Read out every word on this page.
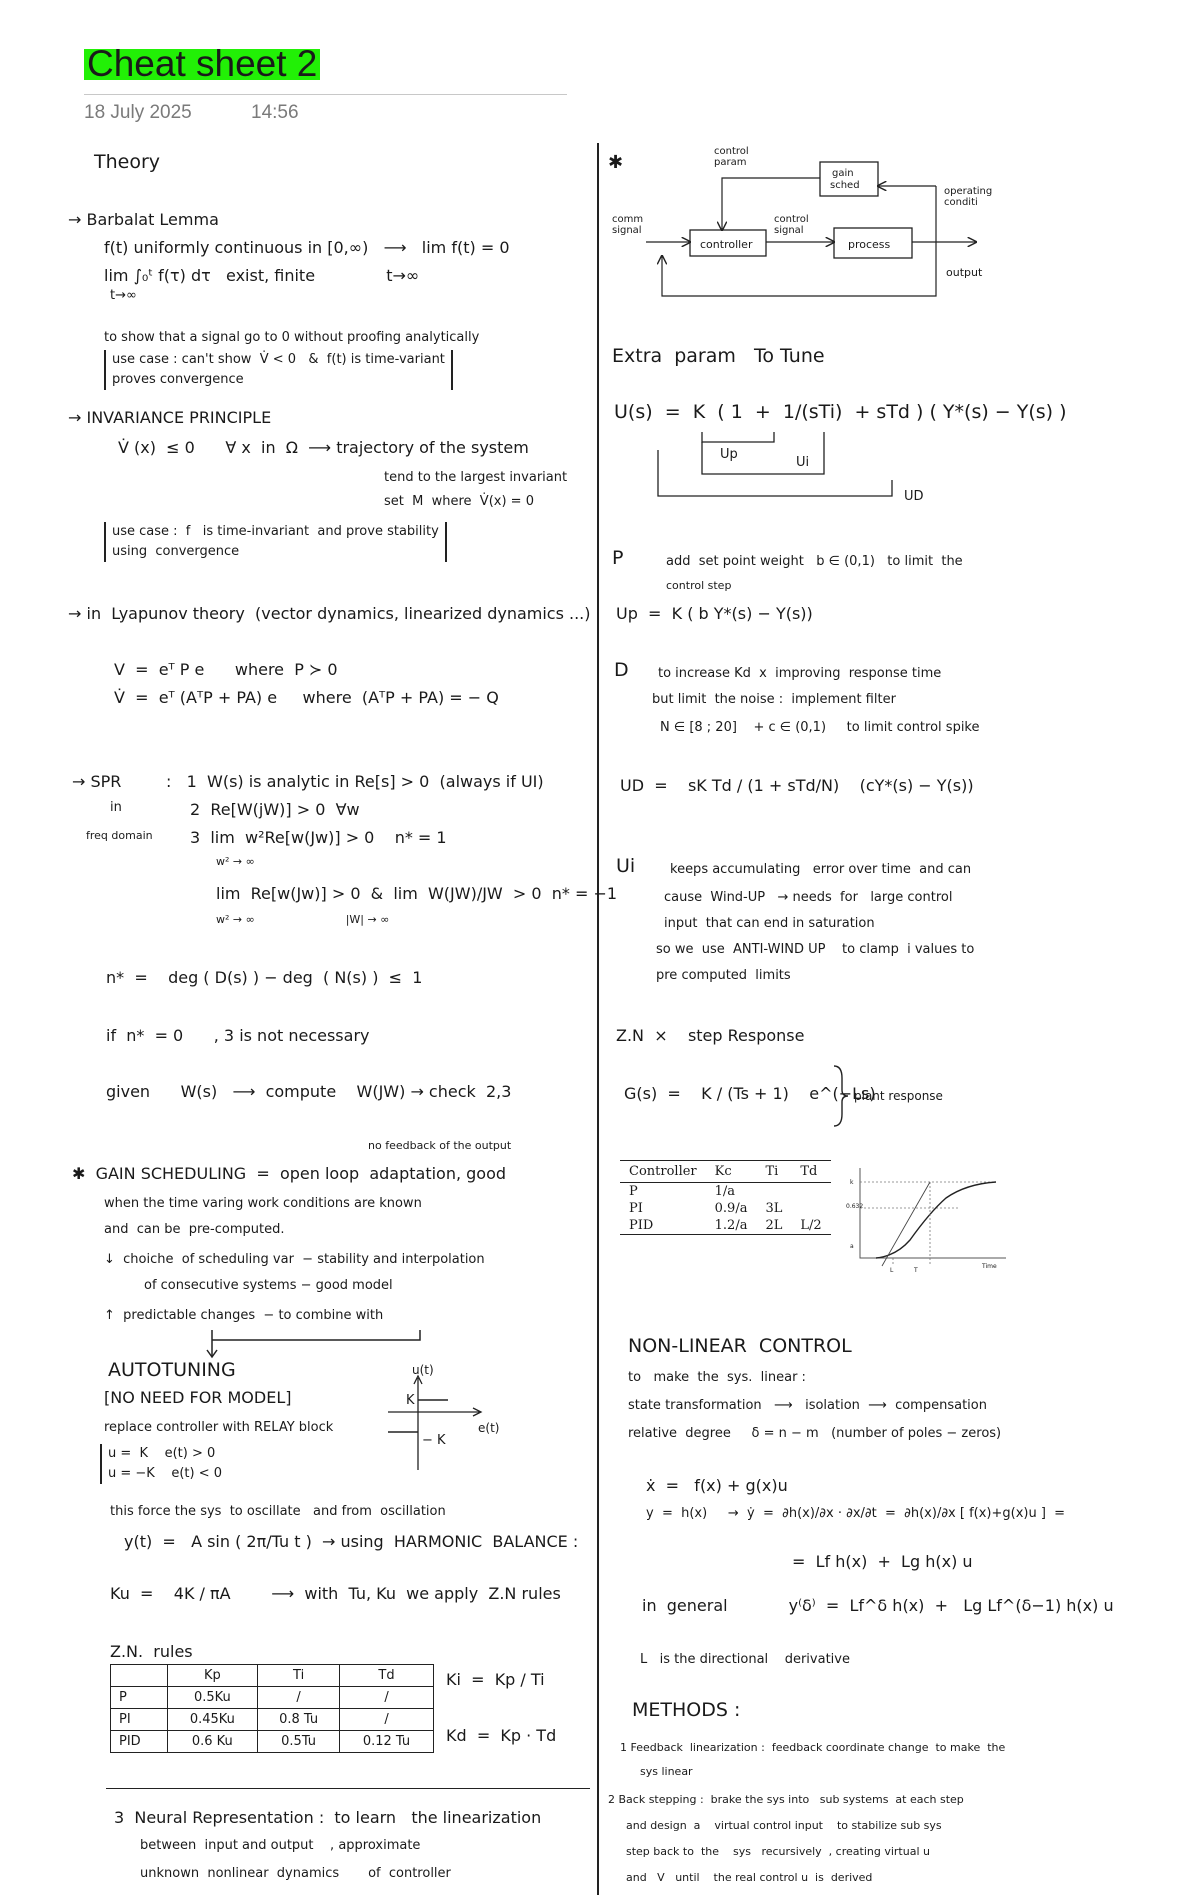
Cheat sheet 2
18 July 2025	14:56
Theory
→ Barbalat Lemma
f(t) uniformly continuous in [0,∞)   ⟶   lim f(t) = 0
lim ∫₀ᵗ f(τ) dτ   exist, finite              t→∞
t→∞
to show that a signal go to 0 without proofing analytically
use case : can't show  V̇ < 0   &  f(t) is time-variant
proves convergence
→ INVARIANCE PRINCIPLE
V̇ (x)  ≤ 0      ∀ x  in  Ω  ⟶ trajectory of the system
tend to the largest invariant
set  M  where  V̇(x) = 0
use case :  f   is time-invariant  and prove stability
using  convergence
→ in  Lyapunov theory  (vector dynamics, linearized dynamics ...)
V  =  eᵀ P e      where  P ≻ 0
V̇  =  eᵀ (AᵀP + PA) e     where  (AᵀP + PA) = − Q
→ SPR
in
freq domain
:   1  W(s) is analytic in Re[s] > 0  (always if UI)
2  Re[W(jW)] > 0  ∀w
3  lim  w²Re[w(Jw)] > 0    n* = 1
w² → ∞
lim  Re[w(Jw)] > 0  &  lim  W(JW)/JW  > 0  n* = −1
w² → ∞                          |W| → ∞
n*  =    deg ( D(s) ) − deg  ( N(s) )  ≤  1
if  n*  = 0      , 3 is not necessary
given      W(s)   ⟶  compute    W(JW) → check  2,3
no feedback of the output
✱  GAIN SCHEDULING  =  open loop  adaptation, good
when the time varing work conditions are known
and  can be  pre-computed.
↓  choiche  of scheduling var  − stability and interpolation
of consecutive systems − good model
↑  predictable changes  − to combine with
AUTOTUNING
[NO NEED FOR MODEL]
replace controller with RELAY block
u =  K    e(t) > 0
u = −K    e(t) < 0
this force the sys  to oscillate   and from  oscillation
y(t)  =   A sin ( 2π/Tu t )  → using  HARMONIC  BALANCE :
K
− K
u(t)
e(t)
Ku  =    4K / πA        ⟶  with  Tu, Ku  we apply  Z.N rules
Z.N.  rules
	Kp	Ti	Td
P	0.5Ku	/	/
PI	0.45Ku	0.8 Tu	/
PID	0.6 Ku	0.5Tu	0.12 Tu
Ki  =  Kp / Ti
Kd  =  Kp · Td
3  Neural Representation :  to learn   the linearization
between  input and output    , approximate
unknown  nonlinear  dynamics       of  controller
✱
controller	process
gain sched
control param
operating conditi
comm signal
control signal
output
Extra  param   To Tune
U(s)  =  K  ( 1  +  1/(sTi)  + sTd ) ( Y*(s) − Y(s) )
Up
Ui
UD
P	add  set point weight   b ∈ (0,1)   to limit  the
control step
Up  =  K ( b Y*(s) − Y(s))
D to increase Kd  x  improving  response time
but limit  the noise :  implement filter
N ∈ [8 ; 20]    + c ∈ (0,1)     to limit control spike
UD  =    sK Td / (1 + sTd/N)    (cY*(s) − Y(s))
Ui	keeps accumulating   error over time  and can
cause  Wind-UP   → needs  for   large control
input  that can end in saturation
so we  use  ANTI-WIND UP    to clamp  i values to
pre computed  limits
Z.N  ×    step Response
G(s)  =    K / (Ts + 1)    e^(−Ls)
plant response
Controller	Kc	Ti	Td
P	1/a		
PI	0.9/a	3L	
PID	1.2/a	2L	L/2
0.632
k
a
L	T
Time
NON-LINEAR  CONTROL
to   make  the  sys.  linear :
state transformation   ⟶   isolation  ⟶  compensation
relative  degree     δ = n − m   (number of poles − zeros)
ẋ  =   f(x) + g(x)u
y  =  h(x)     →  ẏ  =  ∂h(x)/∂x · ∂x/∂t  =  ∂h(x)/∂x [ f(x)+g(x)u ]  =
=  Lf h(x)  +  Lg h(x) u
in  general            y⁽δ⁾  =  Lf^δ h(x)  +   Lg Lf^(δ−1) h(x) u
L   is the directional    derivative
METHODS :
1 Feedback  linearization :  feedback coordinate change  to make  the
sys linear
2 Back stepping :  brake the sys into   sub systems  at each step
and design  a    virtual control input    to stabilize sub sys
step back to  the    sys   recursively  , creating virtual u
and   V   until    the real control u  is  derived
